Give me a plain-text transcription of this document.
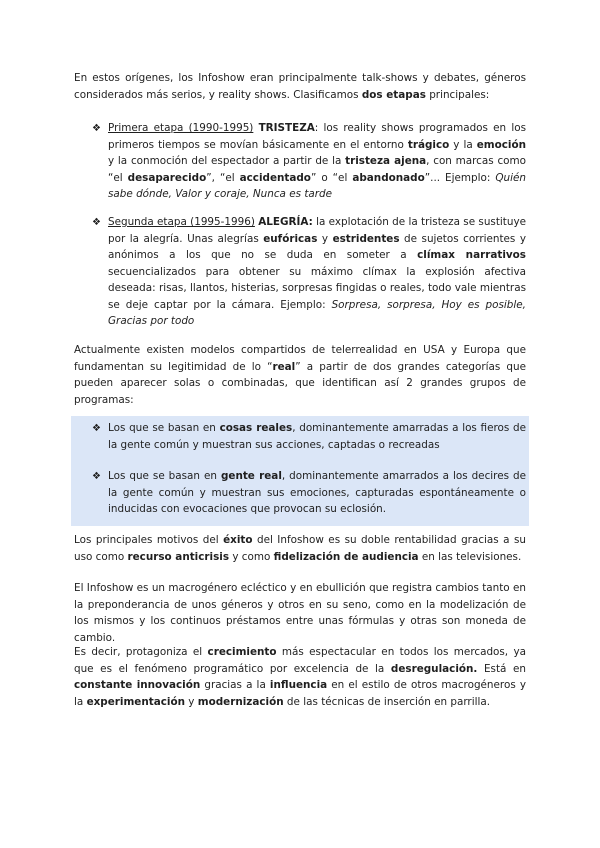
En estos orígenes, los Infoshow eran principalmente talk-shows y debates, géneros considerados más serios, y reality shows. Clasificamos dos etapas principales:

❖ Primera etapa (1990-1995) TRISTEZA: los reality shows programados en los primeros tiempos se movían básicamente en el entorno trágico y la emoción y la conmoción del espectador a partir de la tristeza ajena, con marcas como “el desaparecido”, “el accidentado” o “el abandonado”... Ejemplo: Quién sabe dónde, Valor y coraje, Nunca es tarde

❖ Segunda etapa (1995-1996) ALEGRÍA: la explotación de la tristeza se sustituye por la alegría. Unas alegrías eufóricas y estridentes de sujetos corrientes y anónimos a los que no se duda en someter a clímax narrativos secuencializados para obtener su máximo clímax la explosión afectiva deseada: risas, llantos, histerias, sorpresas fingidas o reales, todo vale mientras se deje captar por la cámara. Ejemplo: Sorpresa, sorpresa, Hoy es posible, Gracias por todo

Actualmente existen modelos compartidos de telerrealidad en USA y Europa que fundamentan su legitimidad de lo “real” a partir de dos grandes categorías que pueden aparecer solas o combinadas, que identifican así 2 grandes grupos de programas:

❖ Los que se basan en cosas reales, dominantemente amarradas a los fieros de la gente común y muestran sus acciones, captadas o recreadas

❖ Los que se basan en gente real, dominantemente amarrados a los decires de la gente común y muestran sus emociones, capturadas espontáneamente o inducidas con evocaciones que provocan su eclosión.

Los principales motivos del éxito del Infoshow es su doble rentabilidad gracias a su uso como recurso anticrisis y como fidelización de audiencia en las televisiones.

El Infoshow es un macrogénero ecléctico y en ebullición que registra cambios tanto en la preponderancia de unos géneros y otros en su seno, como en la modelización de los mismos y los continuos préstamos entre unas fórmulas y otras son moneda de cambio.

Es decir, protagoniza el crecimiento más espectacular en todos los mercados, ya que es el fenómeno programático por excelencia de la desregulación. Está en constante innovación gracias a la influencia en el estilo de otros macrogéneros y la experimentación y modernización de las técnicas de inserción en parrilla.
